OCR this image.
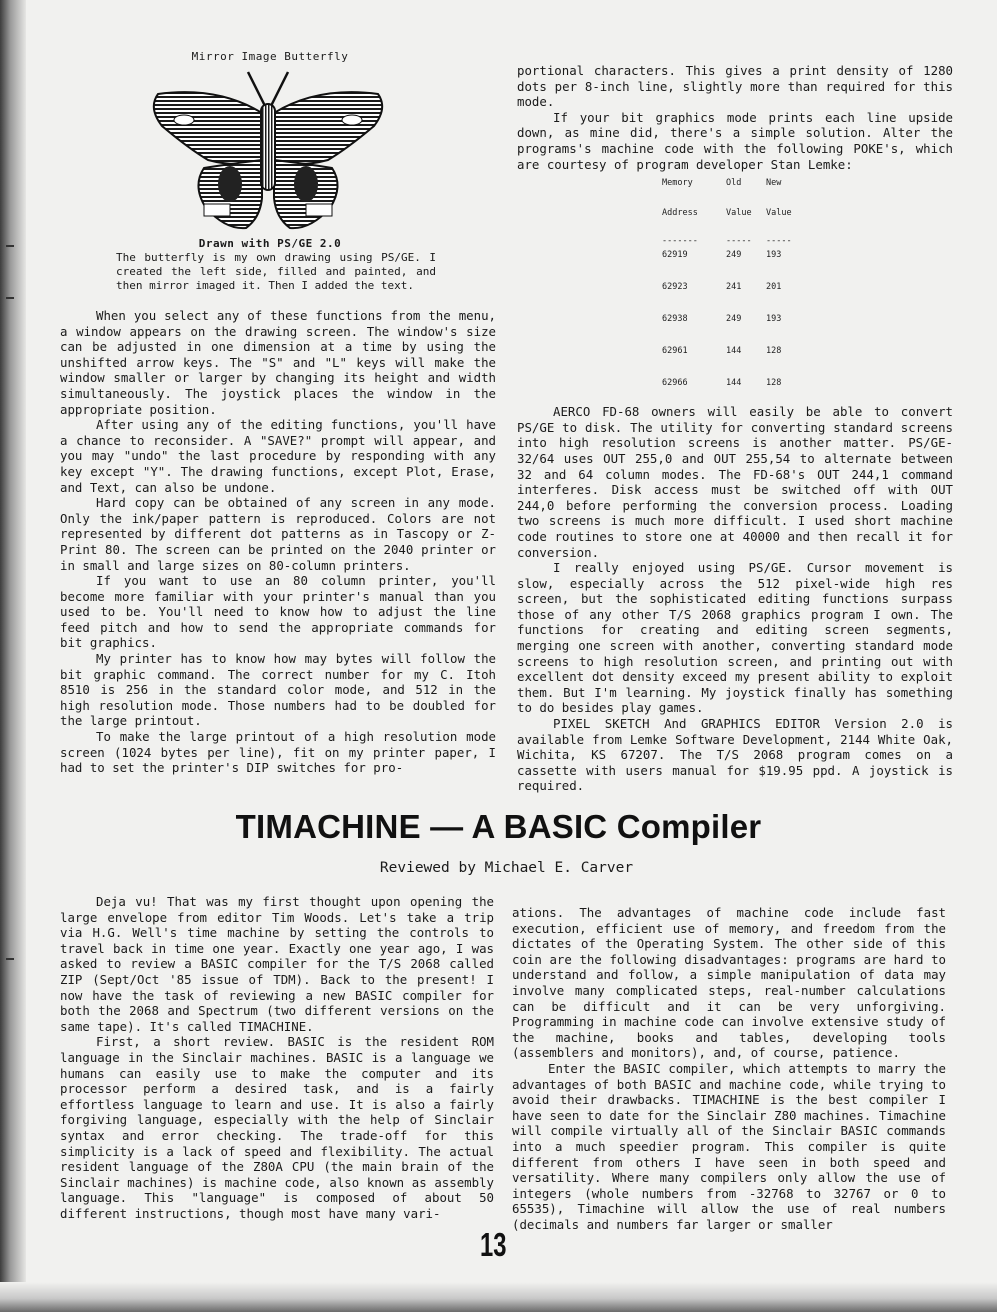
Mirror Image Butterfly
Drawn with PS/GE 2.0
The butterfly is my own drawing using PS/GE. I created the left side, filled and painted, and then mirror imaged it. Then I added the text.

When you select any of these functions from the menu, a window appears on the drawing screen. The window's size can be adjusted in one dimension at a time by using the unshifted arrow keys. The "S" and "L" keys will make the window smaller or larger by changing its height and width simultaneously. The joystick places the window in the appropriate position.

After using any of the editing functions, you'll have a chance to reconsider. A "SAVE?" prompt will appear, and you may "undo" the last procedure by responding with any key except "Y". The drawing functions, except Plot, Erase, and Text, can also be undone.

Hard copy can be obtained of any screen in any mode. Only the ink/paper pattern is reproduced. Colors are not represented by different dot patterns as in Tascopy or Z-Print 80. The screen can be printed on the 2040 printer or in small and large sizes on 80-column printers.

If you want to use an 80 column printer, you'll become more familiar with your printer's manual than you used to be. You'll need to know how to adjust the line feed pitch and how to send the appropriate commands for bit graphics.

My printer has to know how may bytes will follow the bit graphic command. The correct number for my C. Itoh 8510 is 256 in the standard color mode, and 512 in the high resolution mode. Those numbers had to be doubled for the large printout.

To make the large printout of a high resolution mode screen (1024 bytes per line), fit on my printer paper, I had to set the printer's DIP switches for pro-

portional characters. This gives a print density of 1280 dots per 8-inch line, slightly more than required for this mode.

If your bit graphics mode prints each line upside down, as mine did, there's a simple solution. Alter the programs's machine code with the following POKE's, which are courtesy of program developer Stan Lemke:

AERCO FD-68 owners will easily be able to convert PS/GE to disk. The utility for converting standard screens into high resolution screens is another matter. PS/GE-32/64 uses OUT 255,0 and OUT 255,54 to alternate between 32 and 64 column modes. The FD-68's OUT 244,1 command interferes. Disk access must be switched off with OUT 244,0 before performing the conversion process. Loading two screens is much more difficult. I used short machine code routines to store one at 40000 and then recall it for conversion.

I really enjoyed using PS/GE. Cursor movement is slow, especially across the 512 pixel-wide high res screen, but the sophisticated editing functions surpass those of any other T/S 2068 graphics program I own. The functions for creating and editing screen segments, merging one screen with another, converting standard mode screens to high resolution screen, and printing out with excellent dot density exceed my present ability to exploit them. But I'm learning. My joystick finally has something to do besides play games.

PIXEL SKETCH And GRAPHICS EDITOR Version 2.0 is available from Lemke Software Development, 2144 White Oak, Wichita, KS 67207. The T/S 2068 program comes on a cassette with users manual for $19.95 ppd. A joystick is required.

Memory	Old	New
Address	Value	Value
-------	-----	-----
62919	249	193
62923	241	201
62938	249	193
62961	144	128
62966	144	128
TIMACHINE — A BASIC Compiler
Reviewed by Michael E. Carver

Deja vu! That was my first thought upon opening the large envelope from editor Tim Woods. Let's take a trip via H.G. Well's time machine by setting the controls to travel back in time one year. Exactly one year ago, I was asked to review a BASIC compiler for the T/S 2068 called ZIP (Sept/Oct '85 issue of TDM). Back to the present! I now have the task of reviewing a new BASIC compiler for both the 2068 and Spectrum (two different versions on the same tape). It's called TIMACHINE.

First, a short review. BASIC is the resident ROM language in the Sinclair machines. BASIC is a language we humans can easily use to make the computer and its processor perform a desired task, and is a fairly effortless language to learn and use. It is also a fairly forgiving language, especially with the help of Sinclair syntax and error checking. The trade-off for this simplicity is a lack of speed and flexibility. The actual resident language of the Z80A CPU (the main brain of the Sinclair machines) is machine code, also known as assembly language. This "language" is composed of about 50 different instructions, though most have many vari-

ations. The advantages of machine code include fast execution, efficient use of memory, and freedom from the dictates of the Operating System. The other side of this coin are the following disadvantages: programs are hard to understand and follow, a simple manipulation of data may involve many complicated steps, real-number calculations can be difficult and it can be very unforgiving. Programming in machine code can involve extensive study of the machine, books and tables, developing tools (assemblers and monitors), and, of course, patience.

Enter the BASIC compiler, which attempts to marry the advantages of both BASIC and machine code, while trying to avoid their drawbacks. TIMACHINE is the best compiler I have seen to date for the Sinclair Z80 machines. Timachine will compile virtually all of the Sinclair BASIC commands into a much speedier program. This compiler is quite different from others I have seen in both speed and versatility. Where many compilers only allow the use of integers (whole numbers from -32768 to 32767 or 0 to 65535), Timachine will allow the use of real numbers (decimals and numbers far larger or smaller

13
